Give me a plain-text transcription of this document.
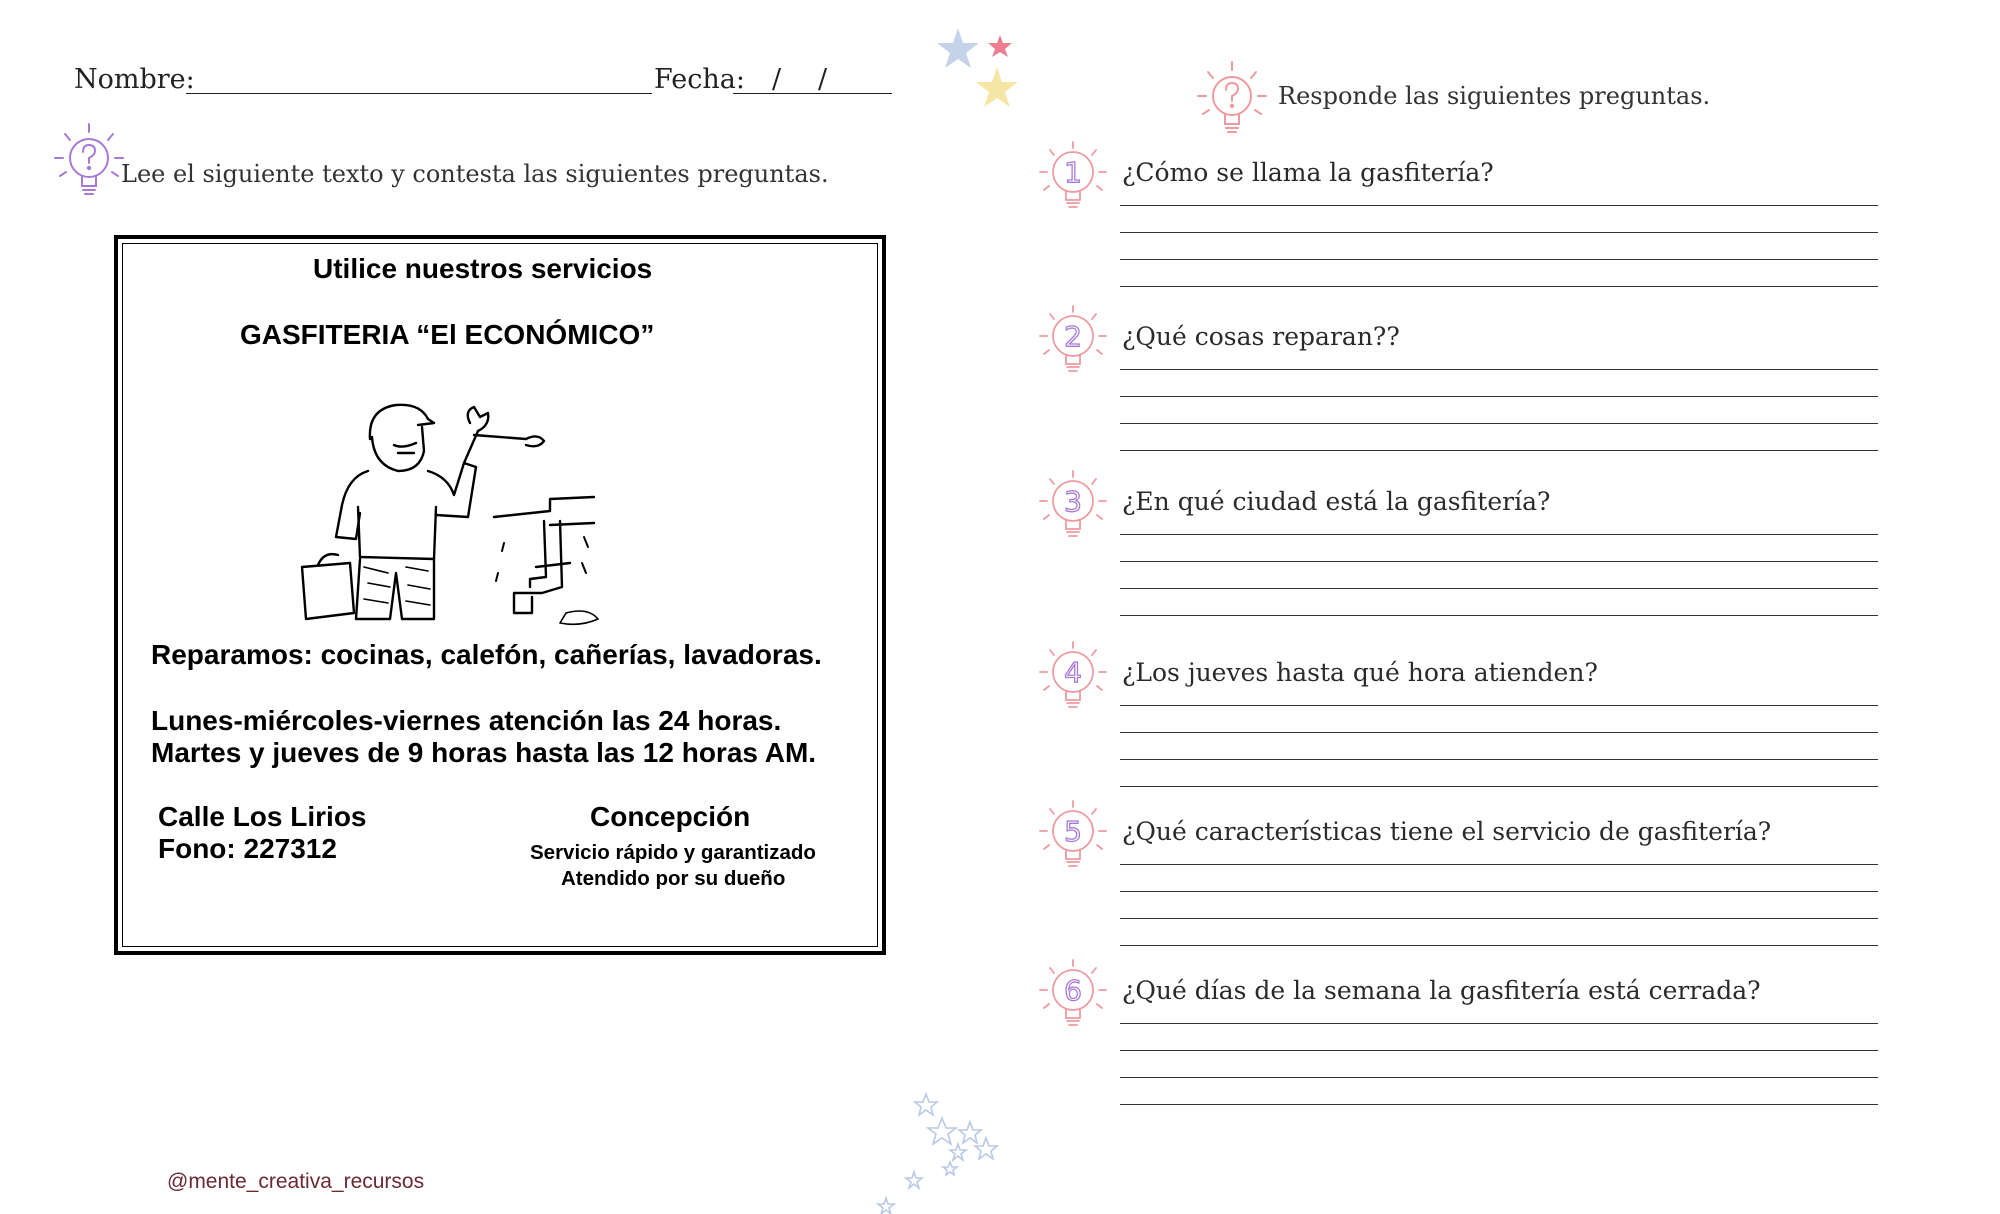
Nombre:	Fecha: / /
Lee el siguiente texto y contesta las siguientes preguntas.
Utilice nuestros servicios
GASFITERIA “El ECONÓMICO”
Reparamos: cocinas, calefón, cañerías, lavadoras.
Lunes-miércoles-viernes atención las 24 horas.
Martes y jueves de 9 horas hasta las 12 horas AM.
Calle Los Lirios
Fono: 227312
Concepción
Servicio rápido y garantizado
Atendido por su dueño
Responde las siguientes preguntas.
1 ¿Cómo se llama la gasfitería?
2 ¿Qué cosas reparan??
3 ¿En qué ciudad está la gasfitería?
4 ¿Los jueves hasta qué hora atienden?
5 ¿Qué características tiene el servicio de gasfitería?
6 ¿Qué días de la semana la gasfitería está cerrada?
@mente_creativa_recursos
